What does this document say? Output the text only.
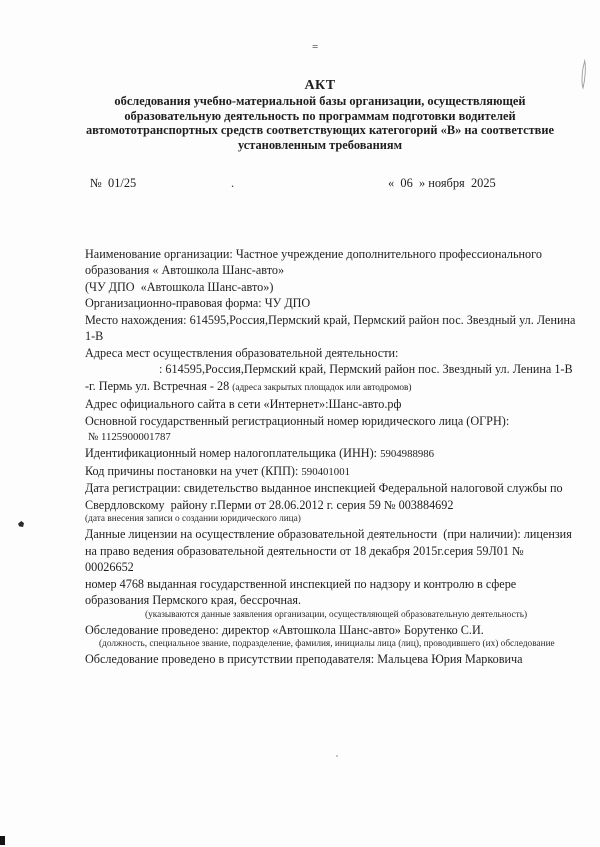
=
АКТ
обследования учебно-материальной базы организации, осуществляющей
образовательную деятельность по программам подготовки водителей
автомототранспортных средств соответствующих категогорий «В» на соответствие
установленным требованиям
№  01/25	.	«  06  » ноября  2025
Наименование организации: Частное учреждение дополнительного профессионального
образования « Автошкола Шанс-авто»
(ЧУ ДПО  «Автошкола Шанс-авто»)
Организационно-правовая форма: ЧУ ДПО
Место нахождения: 614595,Россия,Пермский край, Пермский район пос. Звездный ул. Ленина
1-В
Адреса мест осуществления образовательной деятельности:
: 614595,Россия,Пермский край, Пермский район пос. Звездный ул. Ленина 1-В
-г. Пермь ул. Встречная - 28 (адреса закрытых площадок или автодромов)
Адрес официального сайта в сети «Интернет»:Шанс-авто.рф
Основной государственный регистрационный номер юридического лица (ОГРН):
№ 1125900001787
Идентификационный номер налогоплательщика (ИНН): 5904988986
Код причины постановки на учет (КПП): 590401001
Дата регистрации: свидетельство выданное инспекцией Федеральной налоговой службы по
Свердловскому  району г.Перми от 28.06.2012 г. серия 59 № 003884692
(дата внесения записи о создании юридического лица)
Данные лицензии на осуществление образовательной деятельности  (при наличии): лицензия
на право ведения образовательной деятельности от 18 декабря 2015г.серия 59Л01 №
00026652
номер 4768 выданная государственной инспекцией по надзору и контролю в сфере
образования Пермского края, бессрочная.
(указываются данные заявления организации, осуществляющей образовательную деятельность)
Обследование проведено: директор «Автошкола Шанс-авто» Борутенко С.И.
(должность, специальное звание, подразделение, фамилия, инициалы лица (лиц), проводившего (их) обследование
Обследование проведено в присутствии преподавателя: Мальцева Юрия Марковича
